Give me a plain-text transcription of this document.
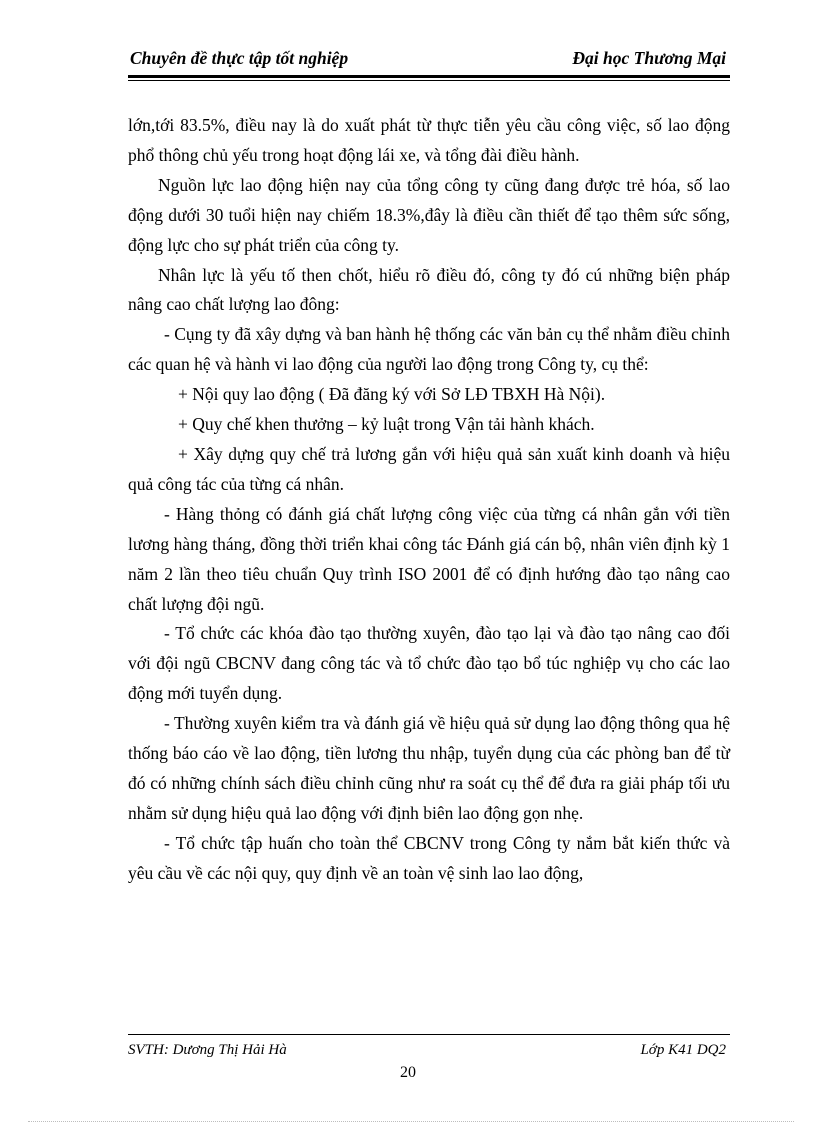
Chuyên đề thực tập tốt nghiệp	Đại học Thương Mại

lớn,tới 83.5%, điều nay là do xuất phát từ thực tiễn yêu cầu công việc, số lao động phổ thông chủ yếu trong hoạt động lái xe, và tổng đài điều hành.

Nguồn lực lao động hiện nay của tổng công ty cũng đang được trẻ hóa, số lao động dưới 30 tuổi hiện nay chiếm 18.3%,đây là điều cần thiết để tạo thêm sức sống, động lực cho sự phát triển của công ty.

Nhân lực là yếu tố then chốt, hiểu rõ điều đó, công ty đó cú những biện pháp nâng cao chất lượng lao đông:

- Cụng ty đã xây dựng và ban hành hệ thống các văn bản cụ thể nhằm điều chỉnh các quan hệ và hành vi lao động của người lao động trong Công ty, cụ thể:

+ Nội quy lao động ( Đã đăng ký với Sở LĐ TBXH Hà Nội).

+ Quy chế khen thưởng – kỷ luật trong Vận tải hành khách.

+ Xây dựng quy chế trả lương gắn với hiệu quả sản xuất kinh doanh và hiệu quả công tác của từng cá nhân.

- Hàng thỏng có đánh giá chất lượng công việc của từng cá nhân gắn với tiền lương hàng tháng, đồng thời triển khai công tác Đánh giá cán bộ, nhân viên định kỳ 1 năm 2 lần theo tiêu chuẩn Quy trình ISO 2001 để có định hướng đào tạo nâng cao chất lượng đội ngũ.

- Tổ chức các khóa đào tạo thường xuyên, đào tạo lại và đào tạo nâng cao đối với đội ngũ CBCNV đang công tác và tổ chức đào tạo bổ túc nghiệp vụ cho các lao động mới tuyển dụng.

- Thường xuyên kiểm tra và đánh giá về hiệu quả sử dụng lao động thông qua hệ thống báo cáo về lao động, tiền lương thu nhập, tuyển dụng của các phòng ban để từ đó có những chính sách điều chỉnh cũng như ra soát cụ thể để đưa ra giải pháp tối ưu nhằm sử dụng hiệu quả lao động với định biên lao động gọn nhẹ.

- Tổ chức tập huấn cho toàn thể CBCNV trong Công ty nắm bắt kiến thức và yêu cầu về các nội quy, quy định về an toàn vệ sinh lao lao động,

SVTH: Dương Thị Hải Hà	Lớp K41 DQ2
20
